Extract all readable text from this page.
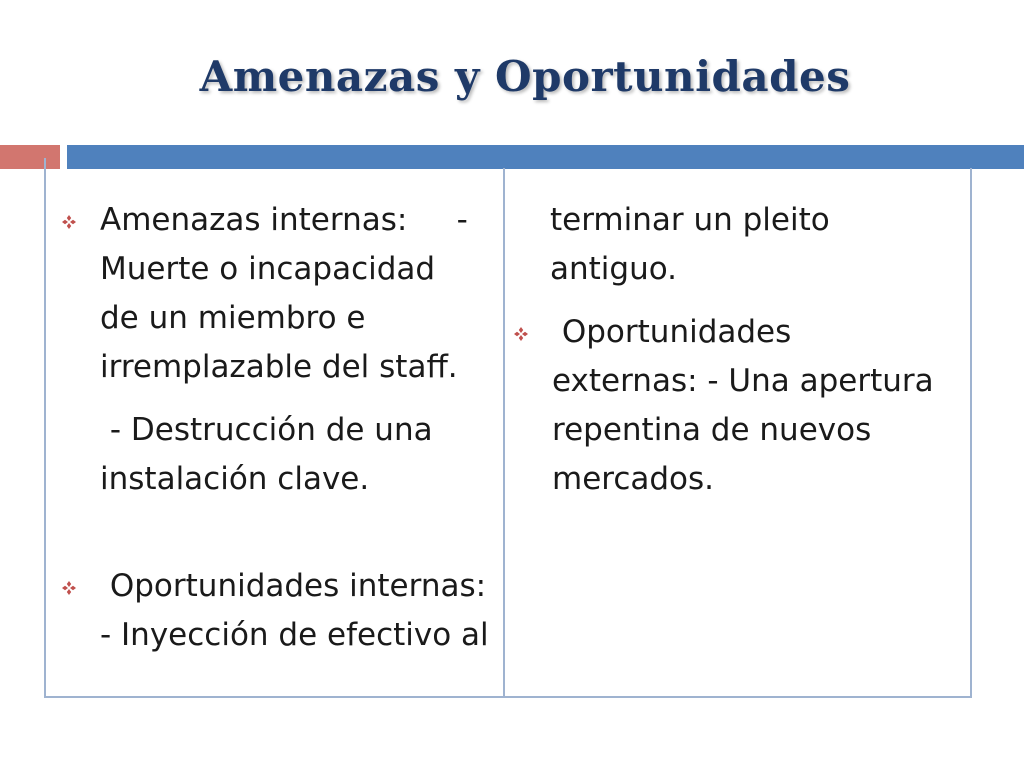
Amenazas y Oportunidades
Amenazas internas:     -
Muerte o incapacidad
de un miembro e
irremplazable del staff.
- Destrucción de una
instalación clave.
Oportunidades internas:
- Inyección de efectivo al
terminar un pleito
antiguo.
Oportunidades
externas: - Una apertura
repentina de nuevos
mercados.
